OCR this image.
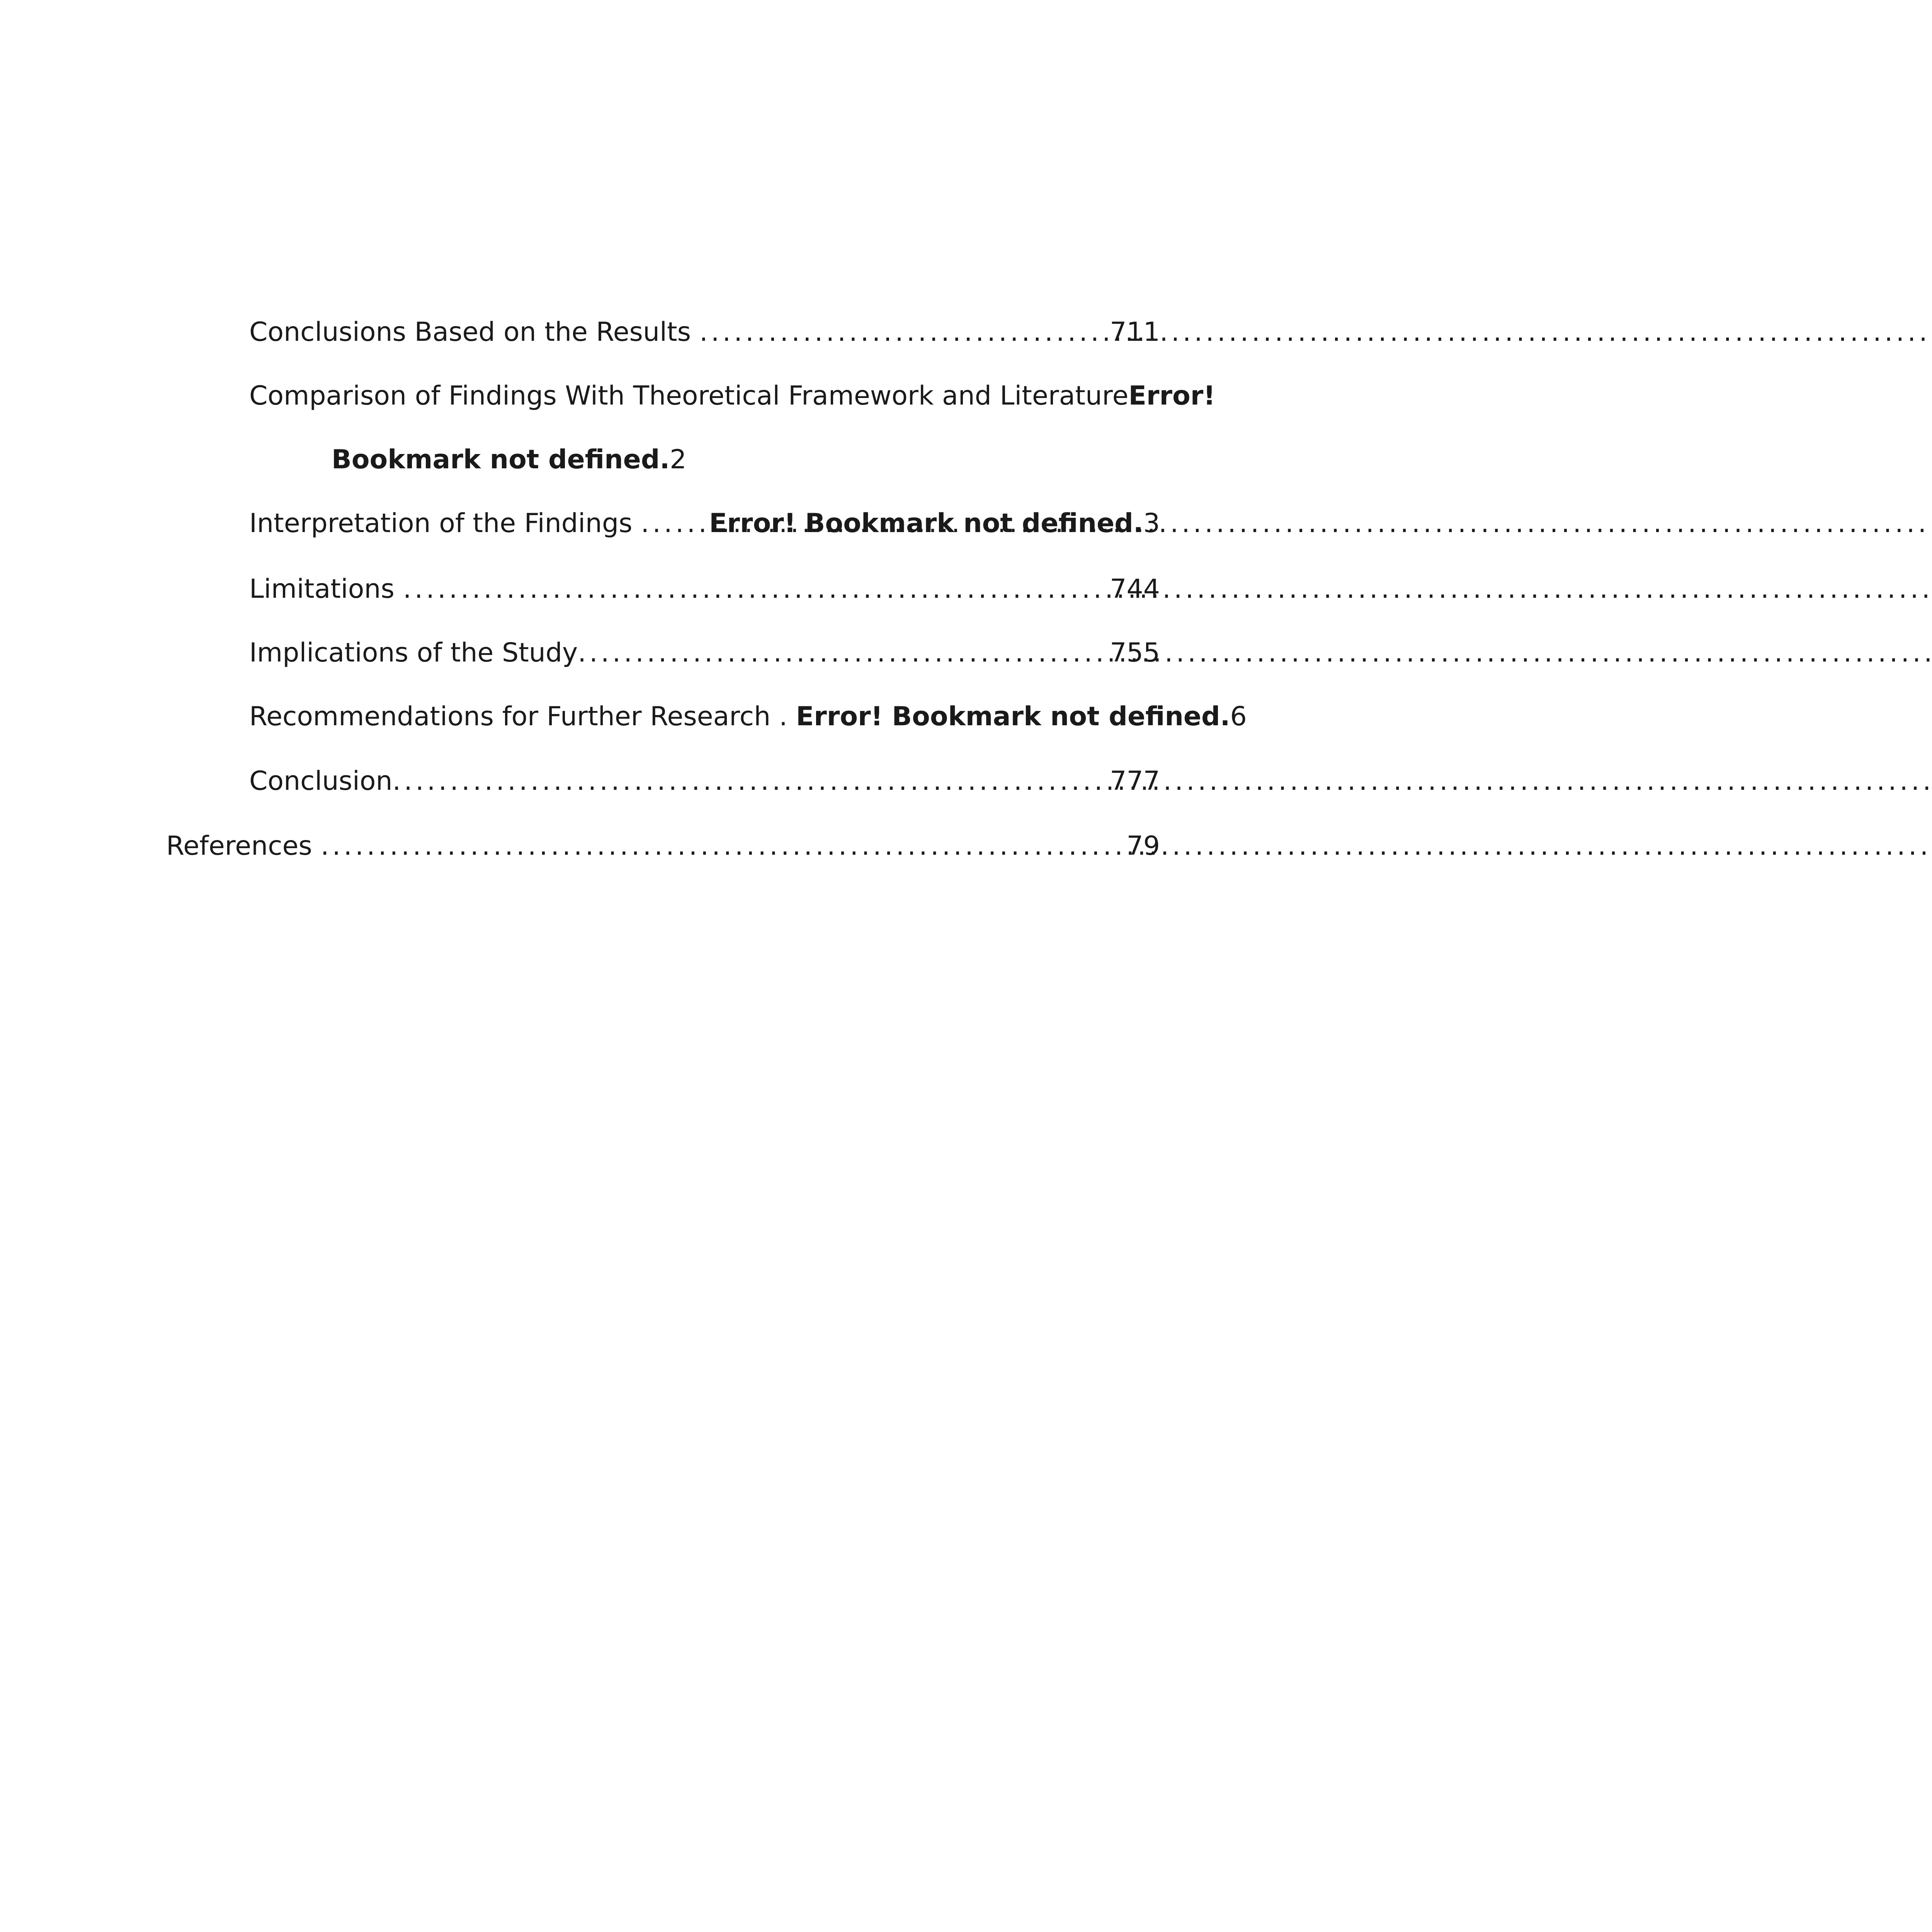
Conclusions Based on the Results .....	711
Comparison of Findings With Theoretical Framework and Literature Error!
Bookmark not defined. 2
Interpretation of the Findings .....	Error! Bookmark not defined. 3
Limitations .....	744
Implications of the Study .....	755
Recommendations for Further Research . Error! Bookmark not defined. 6
Conclusion .....	777
References .....	79
